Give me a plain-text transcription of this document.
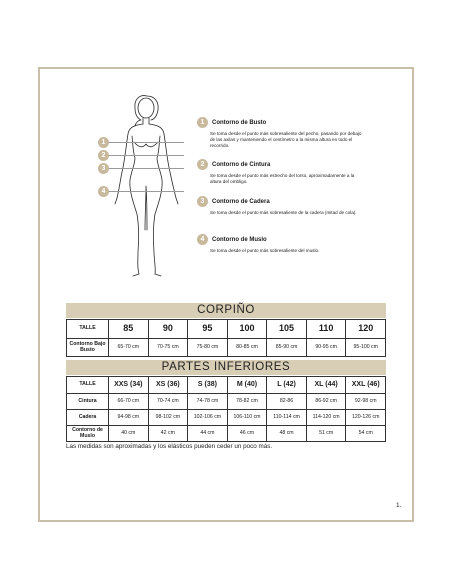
1
2
3
4
1	Contorno de Busto
Se toma desde el punto más sobresaliente del pecho, pasando por debajo de las axilas y manteniendo el centímetro a la misma altura en todo el recorrido.
2	Contorno de Cintura
Se toma desde el punto más estrecho del torso, aproximadamente a la altura del ombligo.
3	Contorno de Cadera
Se toma desde el punto más sobresaliente de la cadera (mitad de cola).
4	Contorno de Muslo
Se toma desde el punto más sobresaliente del muslo.
CORPIÑO
TALLE	85	90	95	100	105	110	120
Contorno Bajo Busto	65-70 cm	70-75 cm	75-80 cm	80-85 cm	85-90 cm	90-95 cm	95-100 cm
PARTES INFERIORES
TALLE	XXS (34)	XS (36)	S (38)	M (40)	L (42)	XL (44)	XXL (46)
Cintura	66-70 cm	70-74 cm	74-78 cm	78-82 cm	82-86	86-92 cm	92-98 cm
Cadera	94-98 cm	98-102 cm	102-106 cm	106-110 cm	110-114 cm	114-120 cm	120-126 cm
Contorno de Muslo	40 cm	42 cm	44 cm	46 cm	48 cm	51 cm	54 cm
Las medidas son aproximadas y los elásticos pueden ceder un poco más.
1.
